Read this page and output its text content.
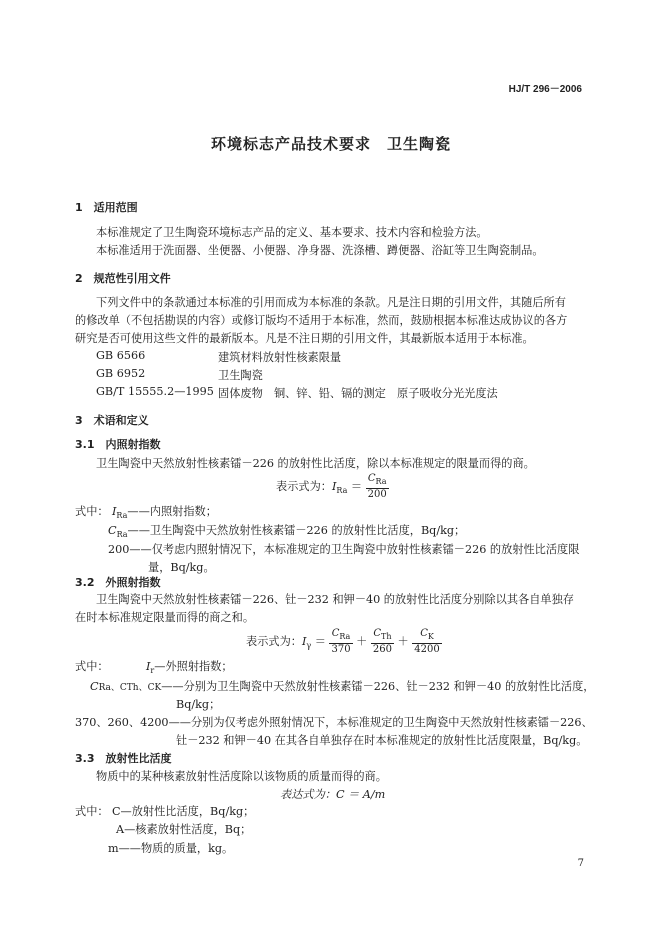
HJ/T 296－2006
环境标志产品技术要求　卫生陶瓷
1　适用范围
本标准规定了卫生陶瓷环境标志产品的定义、基本要求、技术内容和检验方法。
本标准适用于洗面器、坐便器、小便器、净身器、洗涤槽、蹲便器、浴缸等卫生陶瓷制品。
2　规范性引用文件
下列文件中的条款通过本标准的引用而成为本标准的条款。凡是注日期的引用文件，其随后所有
的修改单（不包括勘误的内容）或修订版均不适用于本标准，然而，鼓励根据本标准达成协议的各方
研究是否可使用这些文件的最新版本。凡是不注日期的引用文件，其最新版本适用于本标准。
GB 6566	建筑材料放射性核素限量
GB 6952	卫生陶瓷
GB/T 15555.2—1995 固体废物　铜、锌、铅、镉的测定　原子吸收分光光度法
3　术语和定义
3.1　内照射指数
卫生陶瓷中天然放射性核素镭－226 的放射性比活度，除以本标准规定的限量而得的商。
表示式为：$I_{Ra} = \frac{C_{Ra}}{200}$
式中： $I_{Ra}——$内照射指数；
$C_{Ra}——$卫生陶瓷中天然放射性核素镭－226 的放射性比活度，Bq/kg；
200——仅考虑内照射情况下，本标准规定的卫生陶瓷中放射性核素镭－226 的放射性比活度限
量，Bq/kg。
3.2　外照射指数
卫生陶瓷中天然放射性核素镭－226、钍－232 和钾－40 的放射性比活度分别除以其各自单独存
在时本标准规定限量而得的商之和。
表示式为：$I_\gamma = \frac{C_{Ra}}{370} + \frac{C_{Th}}{260} + \frac{C_K}{4200}$
式中：	$I_r—$外照射指数；
CRa、CTh、CK——分别为卫生陶瓷中天然放射性核素镭－226、钍－232 和钾－40 的放射性比活度，
Bq/kg；
370、260、4200——分别为仅考虑外照射情况下，本标准规定的卫生陶瓷中天然放射性核素镭－226、
钍－232 和钾－40 在其各自单独存在时本标准规定的放射性比活度限量，Bq/kg。
3.3　放射性比活度
物质中的某种核素放射性活度除以该物质的质量而得的商。
表达式为：C ＝ A/m
式中： C—放射性比活度，Bq/kg；
A—核素放射性活度，Bq；
m——物质的质量，kg。
7
